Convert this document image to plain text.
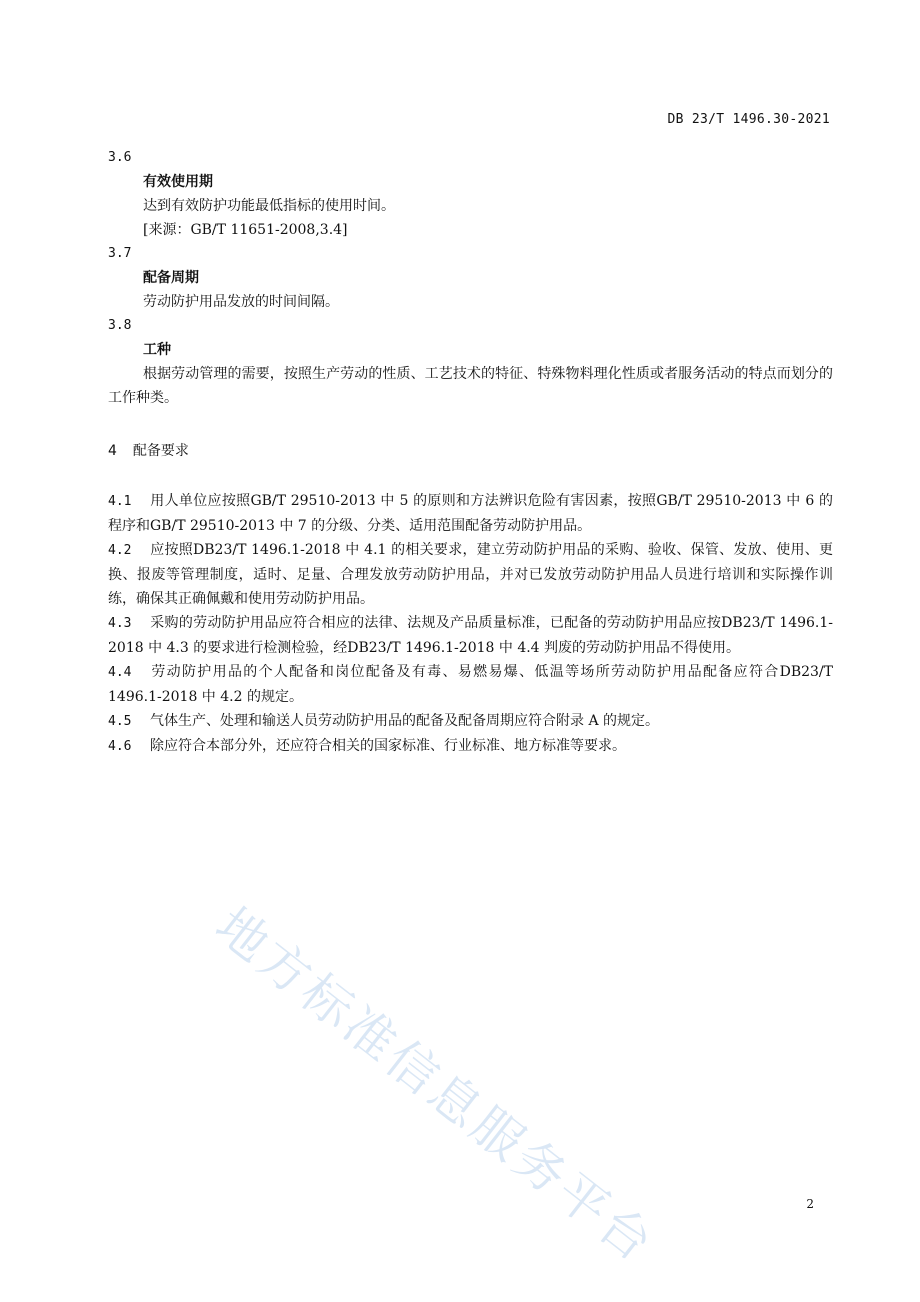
DB 23/T 1496.30-2021
3.6
有效使用期
达到有效防护功能最低指标的使用时间。
[来源：GB/T 11651-2008,3.4]
3.7
配备周期
劳动防护用品发放的时间间隔。
3.8
工种
根据劳动管理的需要，按照生产劳动的性质、工艺技术的特征、特殊物料理化性质或者服务活动的特点而划分的工作种类。
4 配备要求
4.1 用人单位应按照GB/T 29510-2013 中 5 的原则和方法辨识危险有害因素，按照GB/T 29510-2013 中 6 的程序和GB/T 29510-2013 中 7 的分级、分类、适用范围配备劳动防护用品。
4.2 应按照DB23/T 1496.1-2018 中 4.1 的相关要求，建立劳动防护用品的采购、验收、保管、发放、使用、更换、报废等管理制度，适时、足量、合理发放劳动防护用品，并对已发放劳动防护用品人员进行培训和实际操作训练，确保其正确佩戴和使用劳动防护用品。
4.3 采购的劳动防护用品应符合相应的法律、法规及产品质量标准，已配备的劳动防护用品应按DB23/T 1496.1-2018 中 4.3 的要求进行检测检验，经DB23/T 1496.1-2018 中 4.4 判废的劳动防护用品不得使用。
4.4 劳动防护用品的个人配备和岗位配备及有毒、易燃易爆、低温等场所劳动防护用品配备应符合DB23/T 1496.1-2018 中 4.2 的规定。
4.5 气体生产、处理和输送人员劳动防护用品的配备及配备周期应符合附录 A 的规定。
4.6 除应符合本部分外，还应符合相关的国家标准、行业标准、地方标准等要求。
地方标准信息服务平台	2
